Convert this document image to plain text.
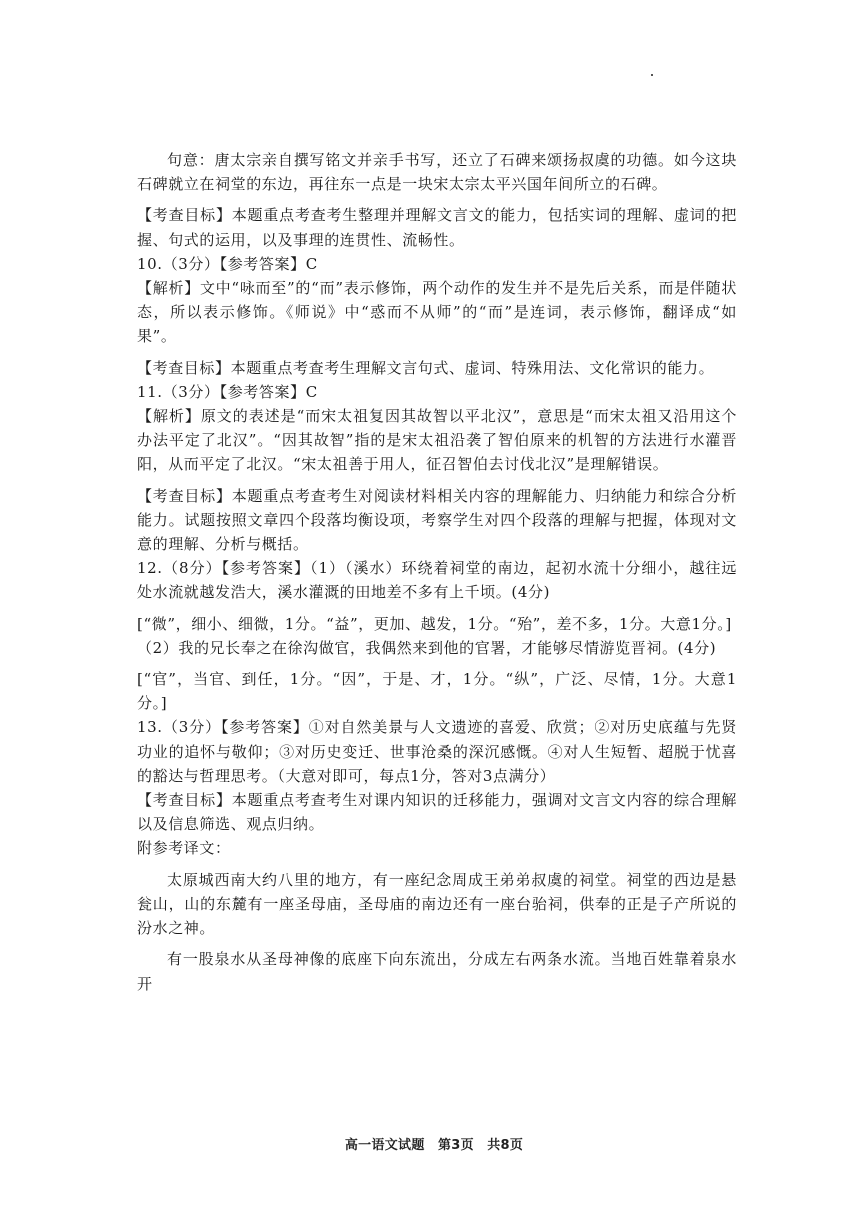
句意：唐太宗亲自撰写铭文并亲手书写，还立了石碑来颂扬叔虞的功德。如今这块石碑就立在祠堂的东边，再往东一点是一块宋太宗太平兴国年间所立的石碑。

【考查目标】本题重点考查考生整理并理解文言文的能力，包括实词的理解、虚词的把握、句式的运用，以及事理的连贯性、流畅性。

10.（3分）【参考答案】C

【解析】文中“咏而至”的“而”表示修饰，两个动作的发生并不是先后关系，而是伴随状态，所以表示修饰。《师说》中“惑而不从师”的“而”是连词，表示修饰，翻译成“如果”。

【考查目标】本题重点考查考生理解文言句式、虚词、特殊用法、文化常识的能力。

11.（3分）【参考答案】C

【解析】原文的表述是“而宋太祖复因其故智以平北汉”，意思是“而宋太祖又沿用这个办法平定了北汉”。“因其故智”指的是宋太祖沿袭了智伯原来的机智的方法进行水灌晋阳，从而平定了北汉。“宋太祖善于用人，征召智伯去讨伐北汉”是理解错误。

【考查目标】本题重点考查考生对阅读材料相关内容的理解能力、归纳能力和综合分析能力。试题按照文章四个段落均衡设项，考察学生对四个段落的理解与把握，体现对文意的理解、分析与概括。

12.（8分）【参考答案】（1）（溪水）环绕着祠堂的南边，起初水流十分细小，越往远处水流就越发浩大，溪水灌溉的田地差不多有上千顷。(4分)

[“微”，细小、细微，1分。“益”，更加、越发，1分。“殆”，差不多，1分。大意1分。]

（2）我的兄长奉之在徐沟做官，我偶然来到他的官署，才能够尽情游览晋祠。(4分)

[“官”，当官、到任，1分。“因”，于是、才，1分。“纵”，广泛、尽情，1分。大意1分。]

13.（3分）【参考答案】①对自然美景与人文遗迹的喜爱、欣赏；②对历史底蕴与先贤功业的追怀与敬仰；③对历史变迁、世事沧桑的深沉感慨。④对人生短暂、超脱于忧喜的豁达与哲理思考。（大意对即可，每点1分，答对3点满分）

【考查目标】本题重点考查考生对课内知识的迁移能力，强调对文言文内容的综合理解以及信息筛选、观点归纳。

附参考译文：

太原城西南大约八里的地方，有一座纪念周成王弟弟叔虞的祠堂。祠堂的西边是悬瓮山，山的东麓有一座圣母庙，圣母庙的南边还有一座台骀祠，供奉的正是子产所说的汾水之神。

有一股泉水从圣母神像的底座下向东流出，分成左右两条水流。当地百姓靠着泉水开

高一语文试题　第3页　共8页
